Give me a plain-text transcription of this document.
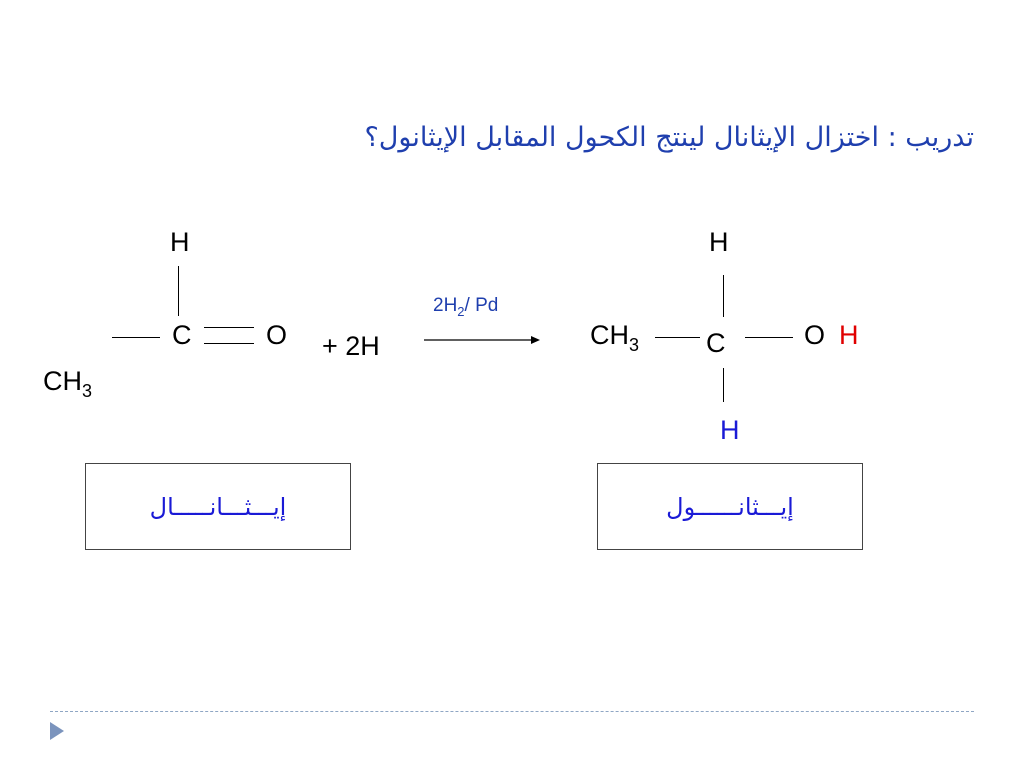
تدريب : اختزال الإيثانال لينتج الكحول المقابل الإيثانول؟
H
C	O
$CH_3$
+ 2H
$2H_2/$ Pd
H
$CH_3$ C	O H
H
إيـــثـــانـــــال	إيـــثانــــــول
